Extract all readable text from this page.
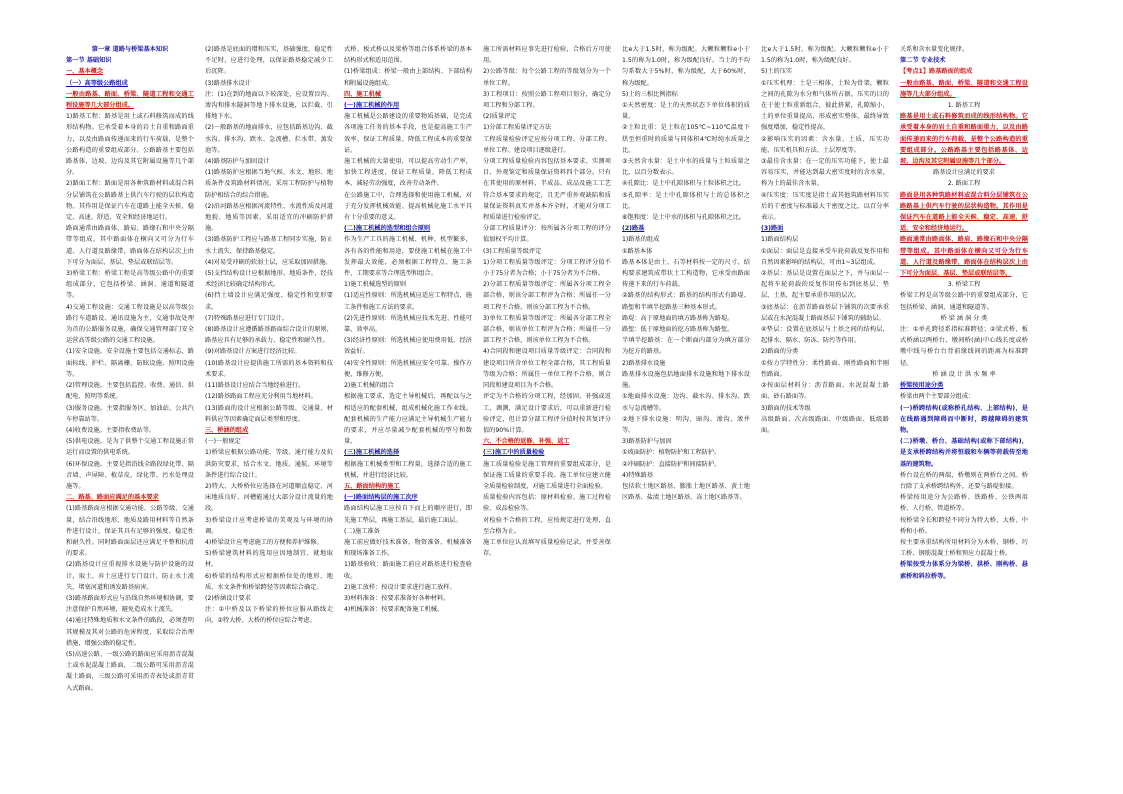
第一章 道路与桥梁基本知识

第一节 基础知识

一、基本概念

（一）高等级公路组成

一般由路基、路面、桥梁、隧道工程和交通工程设施等几大部分组成。

1)路基工程：路基是用土或石料修筑而成的线形结构物。它承受着本身的岩土自重和路面重力，以及由路面传递而来的行车荷载，是整个公路构造的重要组成部分。公路路基主要包括路基体、边坡、边沟及其它附属设施等几个部分。

2)路面工程：路面是用各种筑路材料或混合料分层铺筑在公路路基上供汽车行驶的层状构造物。其作用是保证汽车在道路上能全天候、稳定、高速、舒适、安全和经济地运行。

路面通常由路面体、路肩、路缘石和中央分隔带等组成。其中路面体在横向又可分为行车道、人行道及路缘带，路面体在结构层次上由下可分为面层、基层、垫层或联结层等。

3)桥梁工程：桥梁工程是高等级公路中的重要组成部分，它包括桥梁、涵洞、通道和隧道等。

4)交通工程设施：交通工程设施是以高等级公路行车道路设、通讯设施为主，交通事故处理为首的公路服务设施，确保交通管理部门安全运营高等级公路的交通工程设施。

(1)安全设施。安全设施主要包括交通标志、路面标线、护栏、隔离栅、防眩设施、照明设施等。

(2)管理设施。主要包括监控、收费、通信、供配电、照明等系统。

(3)服务设施。主要指服务区、加油站、公共汽车停靠站等。

(4)收费设施。主要指收费站等。

(5)供电设施。是为了供整个交通工程设施正常运行而设置的供电系统。

(6)环保设施。主要是指沿线全路段绿化带、隔音墙、声屏障、植草皮、绿化带、污水处理设施等。

二、路基、路面应满足的基本要求

(1)路基路面应根据交通功能、公路等级、交通量，结合沿线地形、地质及路用材料等自然条件进行设计，保证其具有足够的强度、稳定性和耐久性。同时路面面层还应满足平整和抗滑的要求。

(2)路基设计应重视排水设施与防护设施的设计，取土、弃土应进行专门设计，防止水土流失，堵塞河道和诱发路基病害。

(3)路基路面形式应与沿线自然环境相协调，要注意保护自然环境，避免造成水土流失。

(4)通过特殊地质和水文条件的路段，必须查明其规模及其对公路的危害程度，采取综合治理措施，增强公路的稳定性。

(5)高速公路、一级公路的路面应采用沥青混凝土或水泥混凝土路面，二级公路可采用沥青混凝土路面，三级公路可采用沥青表处或沥青贯入式路面。

(2)路基是底面的增和压实，基础强度，稳定性不足时，应进行处理，以保证路基稳定减少工后沉降。

(3)路基排水设计

注：(1)在到的地面以下较深处，应设置盲沟、渗沟和排水隧洞等地下排水设施，以拦截、引排地下水。

(2)一般路基的地面排水，应包括路基边沟、截水沟、排水沟、跌水、急流槽、拦水带、蒸发池等。

(4)路基防护与加固设计

(1)路基防护应根据当地气候、水文、地形、地质条件及筑路材料情况，采用工程防护与植物防护相结合的综合措施。

(2)沿河路基应根据河流特性、水流性质及河道地貌、地质等因素，采用适宜的冲刷防护措施。

(3)路基防护工程应与路基工程同步实施，防止水土流失，保持路基稳定。

(4)对易受冲刷的软弱土层，应采取加固措施。

(5)支挡结构设计应根据地形、地质条件，经技术经济比较确定结构形式。

(6)挡土墙设计应满足强度、稳定性和变形要求。

(7)特殊路基应进行专门设计。

(8)路基设计应遵循路基路面综合设计的原则，路基应具有足够的承载力、稳定性和耐久性。

(9)对路基设计方案进行经济比较。

(10)路基设计应提供施工所需的基本资料和技术要求。

(11)路基设计应结合当地经验进行。

(12)路基路面工程应充分利用当地材料。

(13)路面的设计应根据公路等级、交通量、材料供应等因素确定面层类型和厚度。

三、桥涵的组成

(一)一般规定

1)桥梁应根据公路功能、等级、通行能力及抗洪防灾要求，结合水文、地质、通航、环境等条件进行综合设计。

2)特大、大桥桥位应选择在河道顺直稳定、河床地质良好、河槽能通过大部分设计流量的地段。

3)桥梁设计应考虑桥梁的美观及与环境的协调。

4)桥梁设计应考虑施工的方便和养护维修。

5)桥梁建筑材料的选用应因地制宜、就地取材。

6)桥梁的结构形式应根据桥位处的地形、地质、水文条件和桥梁跨径等因素综合确定。

(2)桥涵设计要求

注：①中桥及以下桥梁的桥位应服从路线走向，②特大桥、大桥的桥位应综合考虑。

式桥、板式桥以及梁桥等组合体系桥梁的基本结构形式和适用范围。

(1)桥梁组成：桥梁一般由上部结构、下部结构和附属设施组成。

四、施工机械

(一)施工机械的作用

施工机械是公路建设的重要物质基础，是完成各项施工任务的基本手段，也是提高施工生产效率、保证工程质量、降低工程成本的重要保证。

施工机械的大量使用，可以提高劳动生产率，加快工程进度，保证工程质量，降低工程成本，减轻劳动强度，改善劳动条件。

在公路施工中，合理选择和使用施工机械，对于充分发挥机械效能、提高机械化施工水平具有十分重要的意义。

(二)施工机械的选型和组合原则

作为生产工具的施工机械、机种、机型繁多，各有各的性能和用途，要使施工机械在施工中发挥最大效能，必须根据工程特点、施工条件、工期要求等合理选型和组合。

1)施工机械选型的原则

(1)适应性原则：所选机械应适应工程特点、施工条件和施工方法的要求。

(2)先进性原则：所选机械应技术先进、性能可靠、效率高。

(3)经济性原则：所选机械应使用费用低、经济效益好。

(4)安全性原则：所选机械应安全可靠、操作方便、维修方便。

2)施工机械的组合

根据施工要求，选定主导机械后，再配以与之相适应的配套机械，组成机械化施工作业线。配套机械的生产能力应满足主导机械生产能力的要求，并应尽量减少配套机械的型号和数量。

(三)施工机械的选择

根据施工机械类型和工程量，选择合适的施工机械，并进行经济比较。

五、路面结构的施工

(一)路面结构层的施工次序

路面结构层施工应按自下而上的顺序进行，即先施工垫层，再施工基层，最后施工面层。

(二)施工准备

施工前应做好技术准备、物资准备、机械准备和现场准备工作。

1)路基验收：路面施工前应对路基进行检查验收。

2)施工放样：按设计要求进行施工放样。

3)材料准备：按要求准备好各种材料。

4)机械准备：按要求配备施工机械。

施工所需材料应事先进行检验，合格后方可使用。

2)公路等级：每个公路工程的等级划分为一个单位工程。

3)工程项目：按照公路工程项目划分，确定分项工程和分部工程。

(2)质量评定

1)分部工程质量评定方法

工程质量检验评定应按分项工程、分部工程、单位工程、建设项目逐级进行。

分项工程质量检验内容包括基本要求、实测项目、外观鉴定和质量保证资料四个部分。只有在其使用的原材料、半成品、成品及施工工艺符合基本要求的规定，且无严重外观缺陷和质量保证资料真实并基本齐全时，才能对分项工程质量进行检验评定。

分部工程质量评分：按所属各分项工程的评分值加权平均计算。

(3)工程质量等级评定

1)分项工程质量等级评定：分项工程评分值不小于75分者为合格；小于75分者为不合格。

2)分部工程质量等级评定：所属各分项工程全部合格，则该分部工程评为合格；所属任一分项工程不合格，则该分部工程为不合格。

3)单位工程质量等级评定：所属各分部工程全部合格，则该单位工程评为合格；所属任一分部工程不合格，则该单位工程为不合格。

4)合同段和建设项目质量等级评定：合同段和建设项目所含单位工程全部合格，其工程质量等级为合格；所属任一单位工程不合格，则合同段和建设项目为不合格。

评定为不合格的分项工程，经加固、补强或返工、调测，满足设计要求后，可以重新进行检验评定，但计算分部工程评分值时按其复评分值的90%计算。

六、不合格的返修、补强、返工

(三)施工中的质量检验

施工质量检验是施工管理的重要组成部分，是保证施工质量的重要手段。施工单位应建立健全质量检验制度，对施工质量进行全面检验。

质量检验内容包括：原材料检验、施工过程检验、成品检验等。

对检验不合格的工程，应按规定进行处理，直至合格为止。

施工单位应认真填写质量检验记录，并妥善保存。

比e大于1.5时，称为级配。大颗粒颗粒e小于1.5的称为1.0时，称为级配良好。当土的不均匀系数大于5%时，称为级配，大于60%时，称为级配。

5)土的三相比例指标

①天然密度：是土的天然状态下单位体积的质量。

②土粒比重：是土粒在105℃~110℃温度下烘至恒重时的质量与同体积4℃时纯水质量之比。

③天然含水量：是土中水的质量与土粒质量之比，以百分数表示。

④孔隙比：是土中孔隙体积与土粒体积之比。

⑤孔隙率：是土中孔隙体积与土的总体积之比。

⑥饱和度：是土中水的体积与孔隙体积之比。

(2)路基

1)路基的组成

①路基本体

路基本体是由土、石等材料按一定的尺寸、结构要求建筑成带状土工构造物，它承受由路面传递下来的行车荷载。

②路基的结构形式：路基的结构形式有路堤、路堑和半填半挖路基三种基本形式。

路堤：高于原地面的填方路基称为路堤。

路堑：低于原地面的挖方路基称为路堑。

半填半挖路基：在一个断面内部分为填方部分为挖方的路基。

2)路基排水设施

路基排水设施包括地面排水设施和地下排水设施。

①地面排水设施：边沟、截水沟、排水沟、跌水与急流槽等。

②地下排水设施：明沟、暗沟、渗沟、渗井等。

3)路基防护与加固

①坡面防护：植物防护和工程防护。

②冲刷防护：直接防护和间接防护。

4)特殊路基

包括软土地区路基、膨胀土地区路基、黄土地区路基、盐渍土地区路基、冻土地区路基等。

比e大于1.5时，称为级配。大颗粒颗粒e小于1.5的称为1.0时，称为级配良好。

5)土的压实

①压实机理：土是三相体，土粒为骨架，颗粒之间的孔隙为水分和气体所占据。压实的目的在于使土粒重新组合，彼此挤紧，孔隙缩小，土的单位重量提高，形成密实整体，最终导致强度增加，稳定性提高。

②影响压实的因素：含水量、土质、压实功能、压实机具和方法、土层厚度等。

③最佳含水量：在一定的压实功能下，使土最容易压实，并能达到最大密实度时的含水量，称为土的最佳含水量。

④压实度：压实度是指土或其他筑路材料压实后的干密度与标准最大干密度之比，以百分率表示。

(3)路面

1)路面结构层

①面层：面层是直接承受车轮荷载反复作用和自然因素影响的结构层，可由1~3层组成。

②基层：基层是设置在面层之下，并与面层一起将车轮荷载的反复作用传布到底基层、垫层、土基，起主要承重作用的层次。

③底基层：在沥青路面基层下铺筑的次要承重层或在水泥混凝土路面基层下铺筑的辅助层。

④垫层：设置在底基层与土基之间的结构层，起排水、隔水、防冻、防污等作用。

2)路面的分类

①按力学特性分：柔性路面、刚性路面和半刚性路面。

②按面层材料分：沥青路面、水泥混凝土路面、砂石路面等。

3)路面的技术等级

高级路面、次高级路面、中级路面、低级路面。

关系和含水量变化规律。

第二节 专业技术

【考点1】路基路面的组成

一般由路基、路面、桥梁、隧道和交通工程设施等几大部分组成。

1. 路基工程

路基是用土或石料修筑而成的线形结构物。它承受着本身的岩土自重和路面重力，以及由路面传递而来的行车荷载，是整个公路构造的重要组成部分。公路路基主要包括路基体、边坡、边沟及其它附属设施等几个部分。

路基设计应满足的要求

2. 路面工程

路面是用各种筑路材料或混合料分层铺筑在公路路基上供汽车行驶的层状构造物。其作用是保证汽车在道路上能全天候、稳定、高速、舒适、安全和经济地运行。

路面通常由路面体、路肩、路缘石和中央分隔带等组成。其中路面体在横向又可分为行车道、人行道及路缘带，路面体在结构层次上由下可分为面层、基层、垫层或联结层等。

3. 桥梁工程

桥梁工程是高等级公路中的重要组成部分，它包括桥梁、涵洞、通道和隧道等。

桥 梁 涵 洞 分 类

注：①单孔跨径系指标准跨径；②梁式桥、板式桥涵以两桥台、墩间桥(涵)中心线长度或桥墩中线与桥台台背前缘线间的距离为标准跨径。

桥 涵 设 计 洪 水 频 率

桥梁按用途分类

桥梁由两个主要部分组成：

(一)桥跨结构(或称桥孔结构、上部结构)，是在线路遇到障碍而中断时，跨越障碍的建筑物。

(二)桥墩、桥台、基础结构(或称下部结构)，是支承桥跨结构并将恒载和车辆等荷载传至地基的建筑物。

桥台设在桥的两端，桥墩则在两桥台之间。桥台除了支承桥跨结构外，还要与路堤衔接。

桥梁按用途分为公路桥、铁路桥、公铁两用桥、人行桥、管道桥等。

按桥梁全长和跨径不同分为特大桥、大桥、中桥和小桥。

按主要承重结构所用材料分为木桥、钢桥、圬工桥、钢筋混凝土桥和预应力混凝土桥。

桥梁按受力体系分为梁桥、拱桥、刚构桥、悬索桥和斜拉桥等。
